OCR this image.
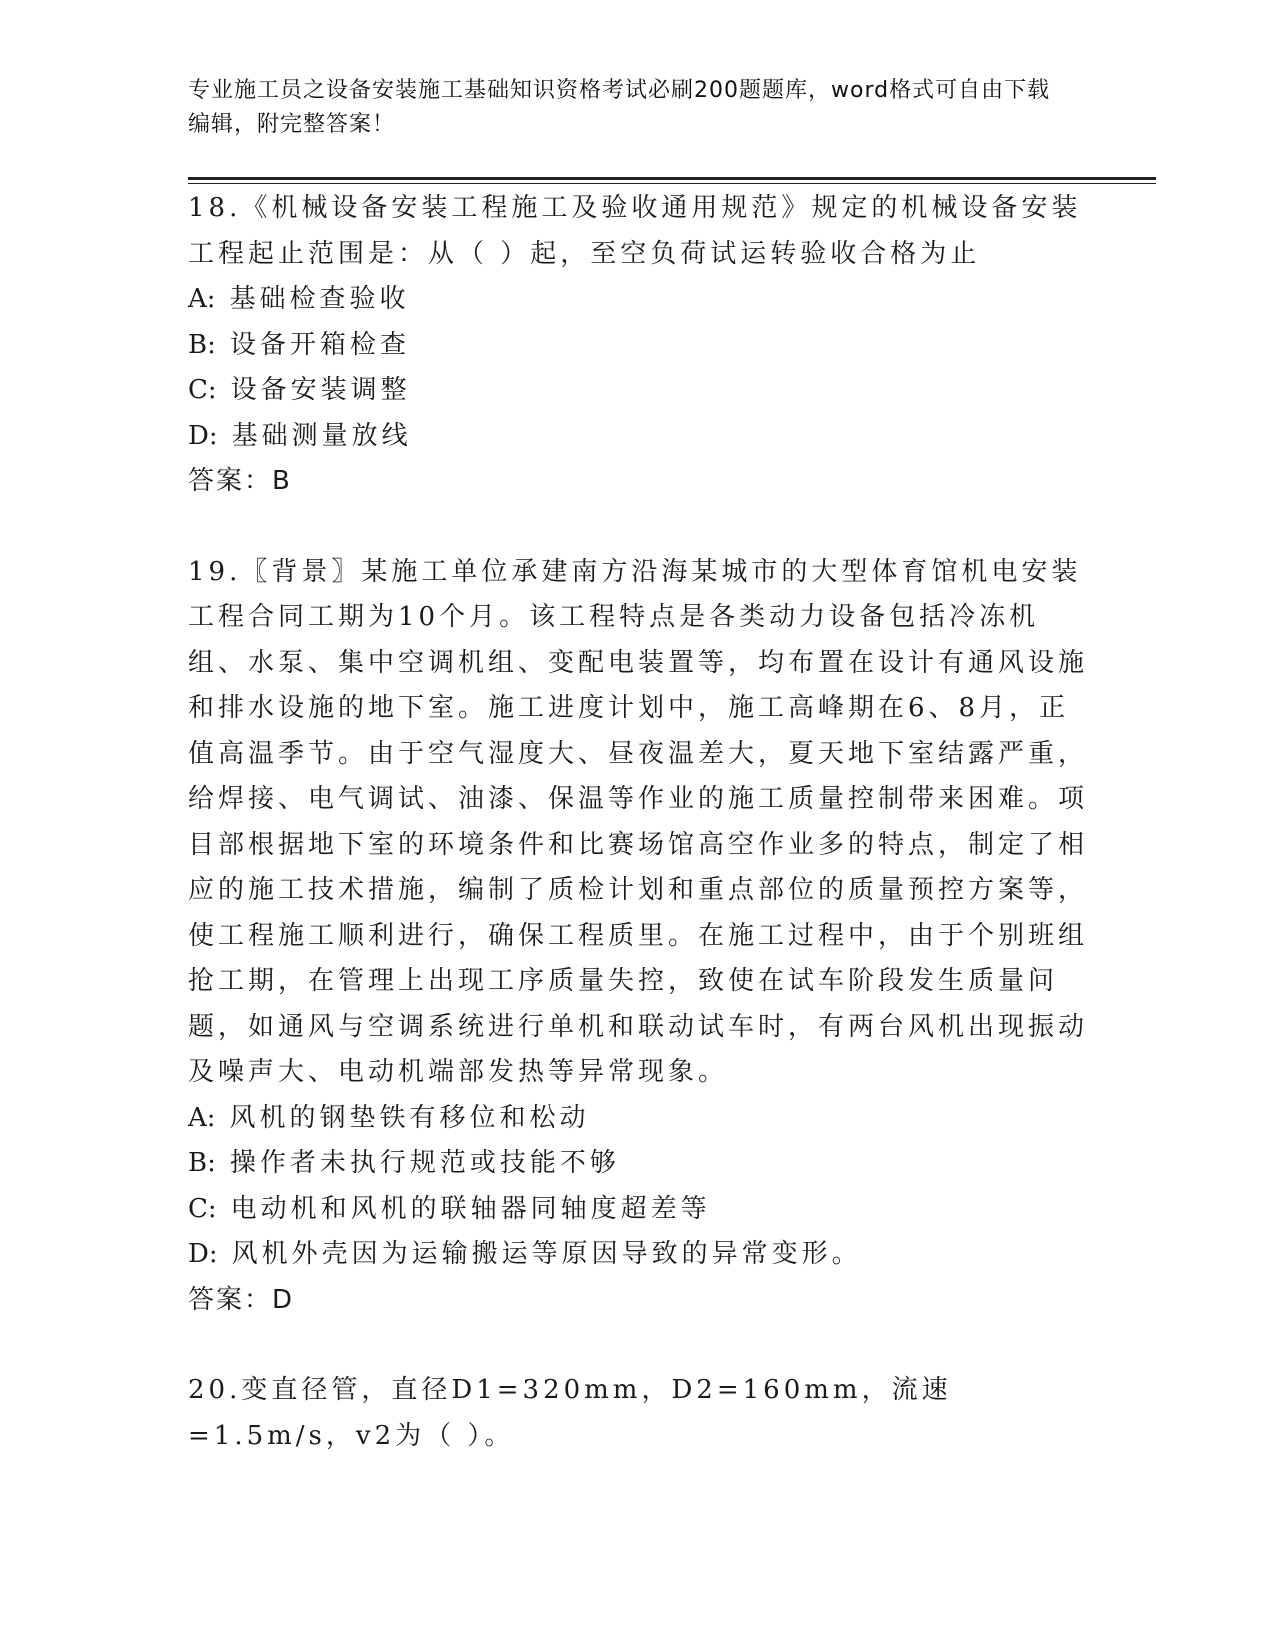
专业施工员之设备安装施工基础知识资格考试必刷200题题库，word格式可自由下载编辑，附完整答案！

18.《机械设备安装工程施工及验收通用规范》规定的机械设备安装工程起止范围是：从（ ）起，至空负荷试运转验收合格为止

A: 基础检查验收

B: 设备开箱检查

C: 设备安装调整

D: 基础测量放线

答案：B

19.〖背景〗某施工单位承建南方沿海某城市的大型体育馆机电安装工程合同工期为10个月。该工程特点是各类动力设备包括冷冻机组、水泵、集中空调机组、变配电装置等，均布置在设计有通风设施和排水设施的地下室。施工进度计划中，施工高峰期在6、8月，正值高温季节。由于空气湿度大、昼夜温差大，夏天地下室结露严重，给焊接、电气调试、油漆、保温等作业的施工质量控制带来困难。项目部根据地下室的环境条件和比赛场馆高空作业多的特点，制定了相应的施工技术措施，编制了质检计划和重点部位的质量预控方案等，使工程施工顺利进行，确保工程质里。在施工过程中，由于个别班组抢工期，在管理上出现工序质量失控，致使在试车阶段发生质量问题，如通风与空调系统进行单机和联动试车时，有两台风机出现振动及噪声大、电动机端部发热等异常现象。

A: 风机的钢垫铁有移位和松动

B: 操作者未执行规范或技能不够

C: 电动机和风机的联轴器同轴度超差等

D: 风机外壳因为运输搬运等原因导致的异常变形。

答案：D

20.变直径管，直径D1=320mm，D2=160mm，流速=1.5m/s，v2为（ ）。
